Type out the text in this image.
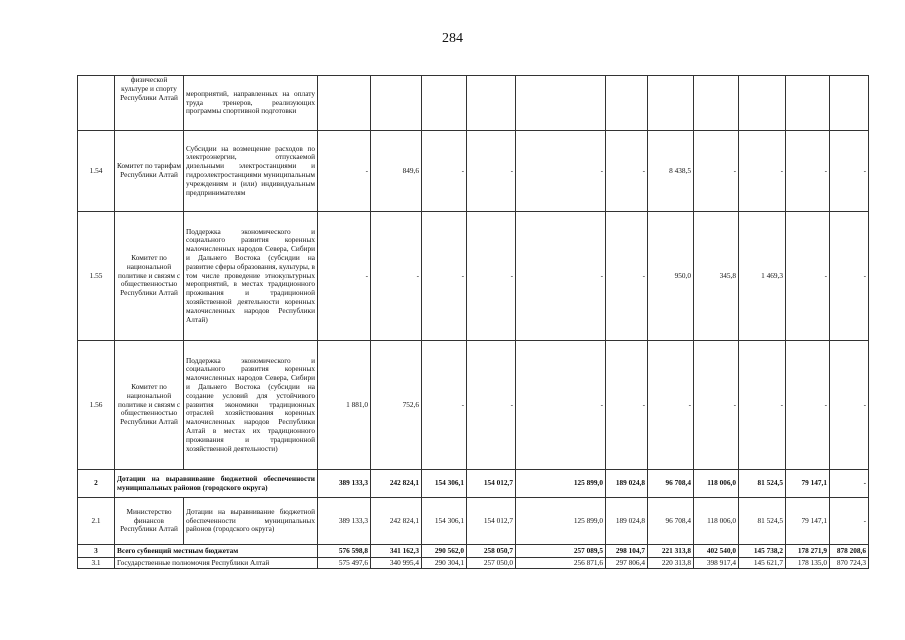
284
	физической культуре и спорту Республики Алтай	мероприятий, направленных на оплату труда тренеров, реализующих программы спортивной подготовки											
1.54	Комитет по тарифам Республики Алтай	Субсидии на возмещение расходов по электроэнергии, отпускаемой дизельными электростанциями и гидроэлектростанциями муниципальным учреждениям и (или) индивидуальным предпринимателям	-	849,6	-	-	-	-	8 438,5	-	-	-	-
1.55	Комитет по национальной политике и связям с общественностью Республики Алтай	Поддержка экономического и социального развития коренных малочисленных народов Севера, Сибири и Дальнего Востока (субсидии на развитие сферы образования, культуры, в том числе проведение этнокультурных мероприятий, в местах традиционного проживания и традиционной хозяйственной деятельности коренных малочисленных народов Республики Алтай)	-	-	-	-	-	-	950,0	345,8	1 469,3	-	-
1.56	Комитет по национальной политике и связям с общественностью Республики Алтай	Поддержка экономического и социального развития коренных малочисленных народов Севера, Сибири и Дальнего Востока (субсидии на создание условий для устойчивого развития экономики традиционных отраслей хозяйствования коренных малочисленных народов Республики Алтай в местах их традиционного проживания и традиционной хозяйственной деятельности)	1 881,0	752,6	-	-	-	-	-	-	-	-	-
2	Дотации на выравнивание бюджетной обеспеченности муниципальных районов (городского округа)		389 133,3	242 824,1	154 306,1	154 012,7	125 899,0	189 024,8	96 708,4	118 006,0	81 524,5	79 147,1	-
2.1	Министерство финансов Республики Алтай	Дотации на выравнивание бюджетной обеспеченности муниципальных районов (городского округа)	389 133,3	242 824,1	154 306,1	154 012,7	125 899,0	189 024,8	96 708,4	118 006,0	81 524,5	79 147,1	-
3	Всего субвенций местным бюджетам		576 598,8	341 162,3	290 562,0	258 050,7	257 089,5	298 104,7	221 313,8	402 540,0	145 738,2	178 271,9	878 208,6
3.1	Государственные полномочия Республики Алтай		575 497,6	340 995,4	290 304,1	257 050,0	256 871,6	297 806,4	220 313,8	398 917,4	145 621,7	178 135,0	870 724,3
